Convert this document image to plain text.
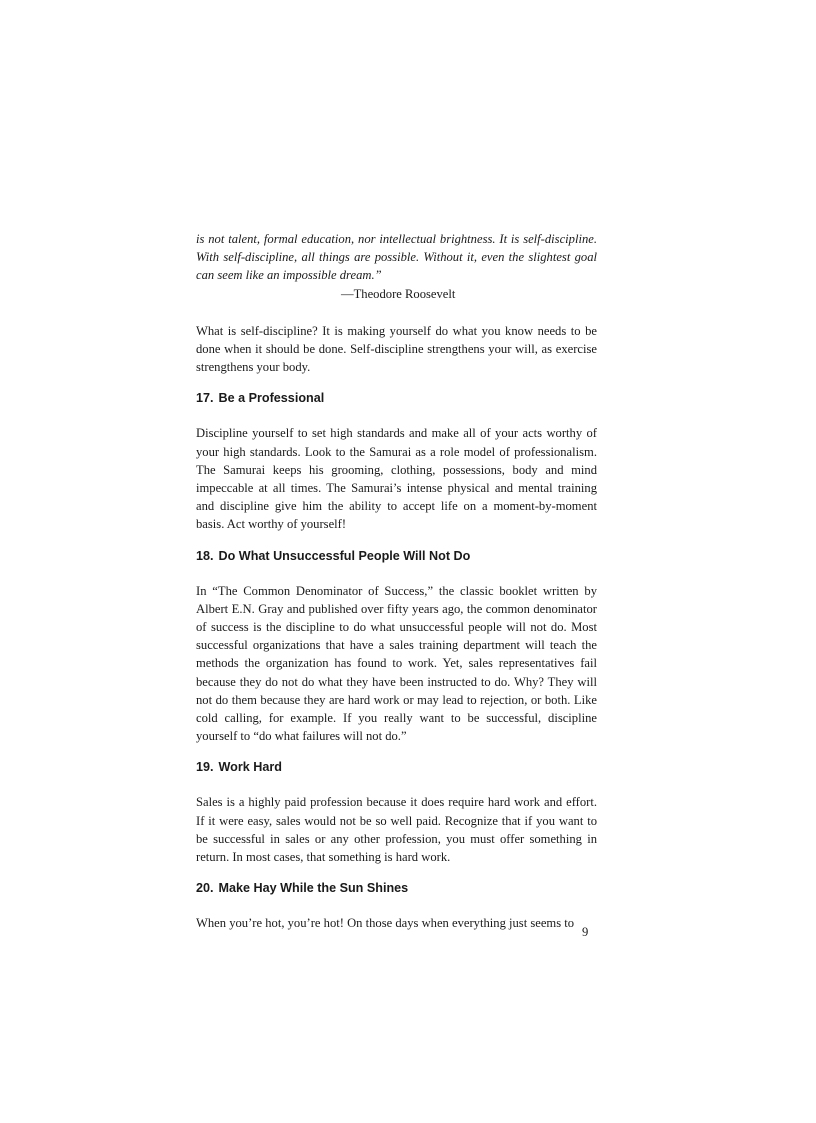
is not talent, formal education, nor intellectual brightness. It is self-discipline. With self-discipline, all things are possible. Without it, even the slightest goal can seem like an impossible dream.”

—Theodore Roosevelt

What is self-discipline? It is making yourself do what you know needs to be done when it should be done. Self-discipline strengthens your will, as exercise strengthens your body.

17. Be a Professional

Discipline yourself to set high standards and make all of your acts worthy of your high standards. Look to the Samurai as a role model of professionalism. The Samurai keeps his grooming, clothing, possessions, body and mind impeccable at all times. The Samurai’s intense physical and mental training and discipline give him the ability to accept life on a moment-by-moment basis. Act worthy of yourself!

18. Do What Unsuccessful People Will Not Do

In “The Common Denominator of Success,” the classic booklet written by Albert E.N. Gray and published over fifty years ago, the common denominator of success is the discipline to do what unsuccessful people will not do. Most successful organizations that have a sales training department will teach the methods the organization has found to work. Yet, sales representatives fail because they do not do what they have been instructed to do. Why? They will not do them because they are hard work or may lead to rejection, or both. Like cold calling, for example. If you really want to be successful, discipline yourself to “do what failures will not do.”

19. Work Hard

Sales is a highly paid profession because it does require hard work and effort. If it were easy, sales would not be so well paid. Recognize that if you want to be successful in sales or any other profession, you must offer something in return. In most cases, that something is hard work.

20. Make Hay While the Sun Shines

When you’re hot, you’re hot! On those days when everything just seems to

9
